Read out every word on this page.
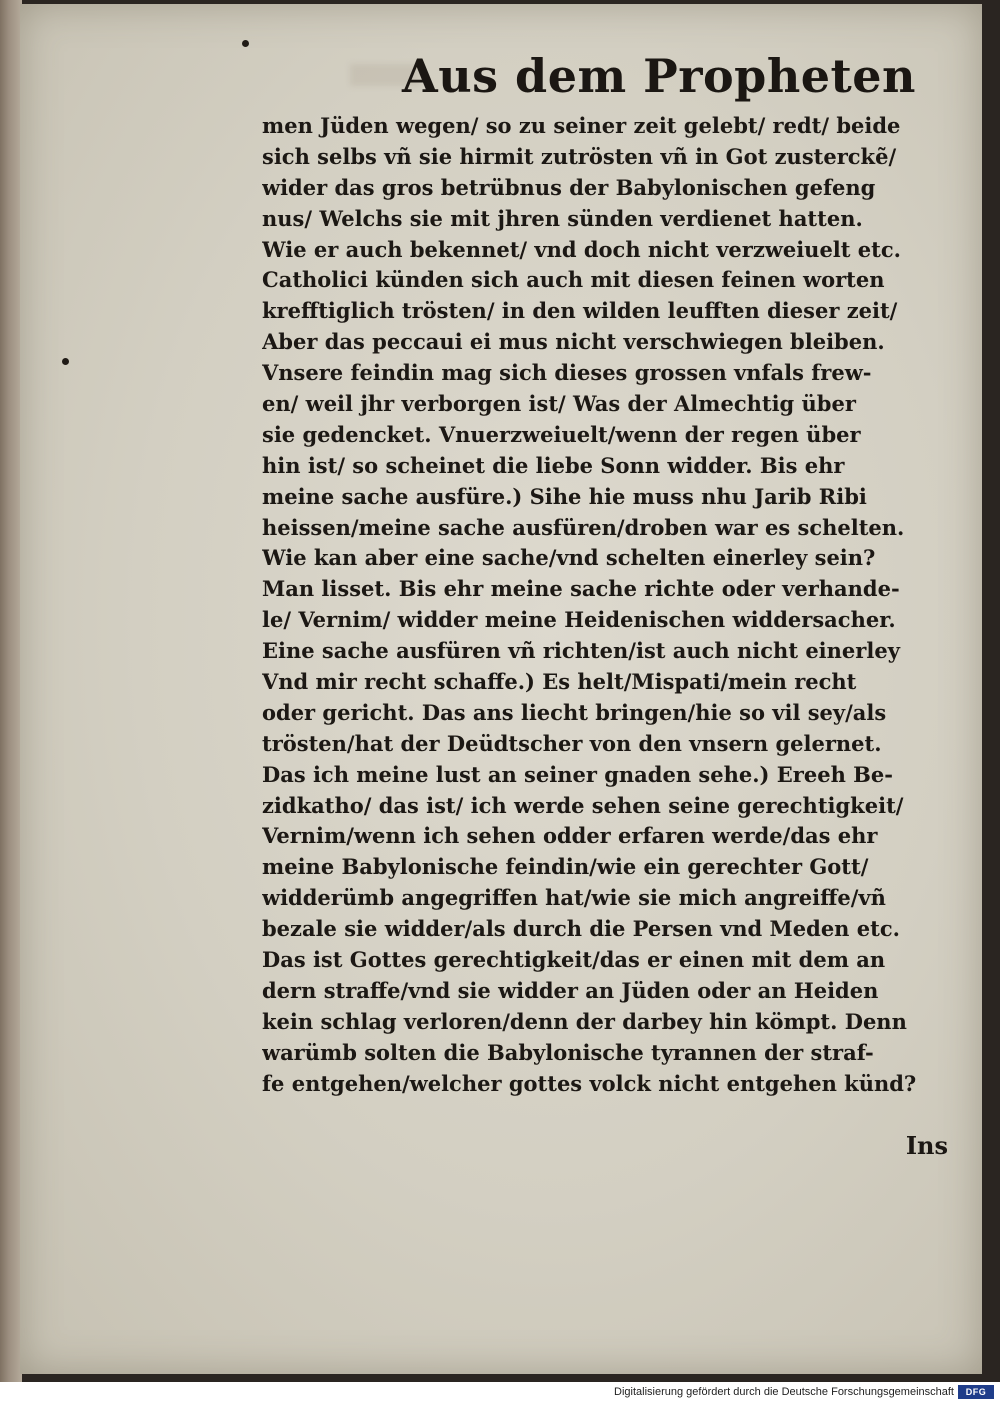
Aus dem Propheten
men Jüden wegen/ so zu seiner zeit gelebt/ redt/ beide
sich selbs vñ sie hirmit zutrösten vñ in Got zusterckẽ/
wider das gros betrübnus der Babylonischen gefeng
nus/ Welchs sie mit jhren sünden verdienet hatten.
Wie er auch bekennet/ vnd doch nicht verzweiuelt etc.
Catholici künden sich auch mit diesen feinen worten
krefftiglich trösten/ in den wilden leufften dieser zeit/
Aber das peccaui ei mus nicht verschwiegen bleiben.
Vnsere feindin mag sich dieses grossen vnfals frew-
en/ weil jhr verborgen ist/ Was der Almechtig über
sie gedencket. Vnuerzweiuelt/wenn der regen über
hin ist/ so scheinet die liebe Sonn widder. Bis ehr
meine sache ausfüre.) Sihe hie muss nhu Jarib Ribi
heissen/meine sache ausfüren/droben war es schelten.
Wie kan aber eine sache/vnd schelten einerley sein?
Man lisset. Bis ehr meine sache richte oder verhande-
le/ Vernim/ widder meine Heidenischen widdersacher.
Eine sache ausfüren vñ richten/ist auch nicht einerley
Vnd mir recht schaffe.) Es helt/Mispati/mein recht
oder gericht. Das ans liecht bringen/hie so vil sey/als
trösten/hat der Deüdtscher von den vnsern gelernet.
Das ich meine lust an seiner gnaden sehe.) Ereeh Be-
zidkatho/ das ist/ ich werde sehen seine gerechtigkeit/
Vernim/wenn ich sehen odder erfaren werde/das ehr
meine Babylonische feindin/wie ein gerechter Gott/
widderümb angegriffen hat/wie sie mich angreiffe/vñ
bezale sie widder/als durch die Persen vnd Meden etc.
Das ist Gottes gerechtigkeit/das er einen mit dem an
dern straffe/vnd sie widder an Jüden oder an Heiden
kein schlag verloren/denn der darbey hin kömpt. Denn
warümb solten die Babylonische tyrannen der straf-
fe entgehen/welcher gottes volck nicht entgehen künd?
Ins
Digitalisierung gefördert durch die Deutsche Forschungsgemeinschaft	DFG
